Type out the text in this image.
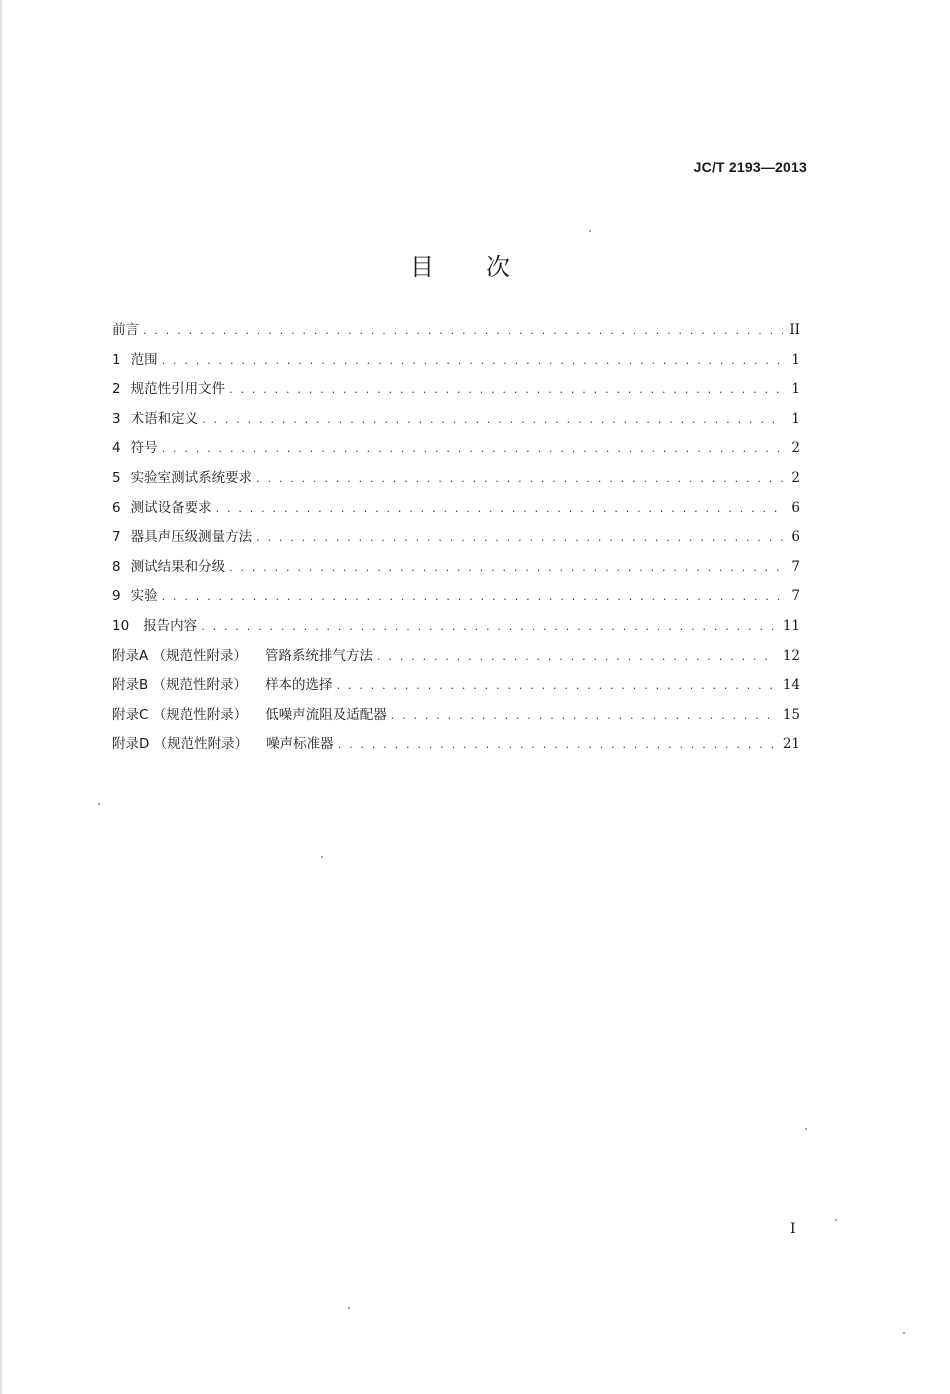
JC/T 2193—2013
目次
前言 . . .	II
1 范围 . . .	1
2 规范性引用文件 . . .	1
3 术语和定义 . . .	1
4 符号 . . .	2
5 实验室测试系统要求 . . .	2
6 测试设备要求 . . .	6
7 器具声压级测量方法 . . .	6
8 测试结果和分级 . . .	7
9 实验 . . .	7
10 报告内容 . . .	11
附录A （规范性附录） 管路系统排气方法 . . .	12
附录B （规范性附录） 样本的选择 . . .	14
附录C （规范性附录） 低噪声流阻及适配器 . . .	15
附录D （规范性附录） 噪声标准器 . . .	21
I
